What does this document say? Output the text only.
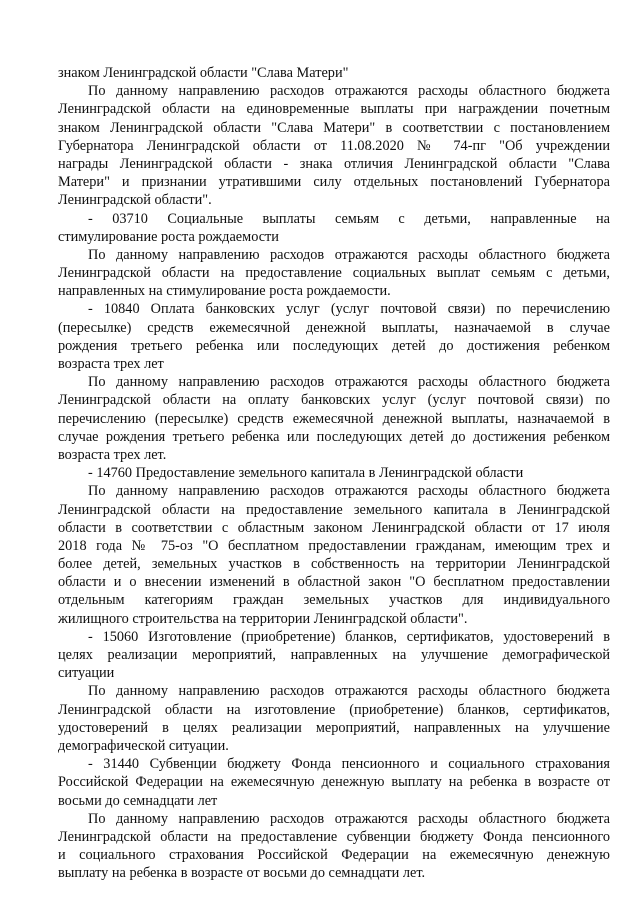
знаком Ленинградской области "Слава Матери"
По данному направлению расходов отражаются расходы областного бюджета
Ленинградской области на единовременные выплаты при награждении почетным
знаком Ленинградской области "Слава Матери" в соответствии с постановлением
Губернатора Ленинградской области от 11.08.2020 № 74-пг "Об учреждении
награды Ленинградской области - знака отличия Ленинградской области "Слава
Матери" и признании утратившими силу отдельных постановлений Губернатора
Ленинградской области".
- 03710 Социальные выплаты семьям с детьми, направленные на
стимулирование роста рождаемости
По данному направлению расходов отражаются расходы областного бюджета
Ленинградской области на предоставление социальных выплат семьям с детьми,
направленных на стимулирование роста рождаемости.
- 10840 Оплата банковских услуг (услуг почтовой связи) по перечислению
(пересылке) средств ежемесячной денежной выплаты, назначаемой в случае
рождения третьего ребенка или последующих детей до достижения ребенком
возраста трех лет
По данному направлению расходов отражаются расходы областного бюджета
Ленинградской области на оплату банковских услуг (услуг почтовой связи) по
перечислению (пересылке) средств ежемесячной денежной выплаты, назначаемой в
случае рождения третьего ребенка или последующих детей до достижения ребенком
возраста трех лет.
- 14760 Предоставление земельного капитала в Ленинградской области
По данному направлению расходов отражаются расходы областного бюджета
Ленинградской области на предоставление земельного капитала в Ленинградской
области в соответствии с областным законом Ленинградской области от 17 июля
2018 года № 75-оз "О бесплатном предоставлении гражданам, имеющим трех и
более детей, земельных участков в собственность на территории Ленинградской
области и о внесении изменений в областной закон "О бесплатном предоставлении
отдельным категориям граждан земельных участков для индивидуального
жилищного строительства на территории Ленинградской области".
- 15060 Изготовление (приобретение) бланков, сертификатов, удостоверений в
целях реализации мероприятий, направленных на улучшение демографической
ситуации
По данному направлению расходов отражаются расходы областного бюджета
Ленинградской области на изготовление (приобретение) бланков, сертификатов,
удостоверений в целях реализации мероприятий, направленных на улучшение
демографической ситуации.
- 31440 Субвенции бюджету Фонда пенсионного и социального страхования
Российской Федерации на ежемесячную денежную выплату на ребенка в возрасте от
восьми до семнадцати лет
По данному направлению расходов отражаются расходы областного бюджета
Ленинградской области на предоставление субвенции бюджету Фонда пенсионного
и социального страхования Российской Федерации на ежемесячную денежную
выплату на ребенка в возрасте от восьми до семнадцати лет.
